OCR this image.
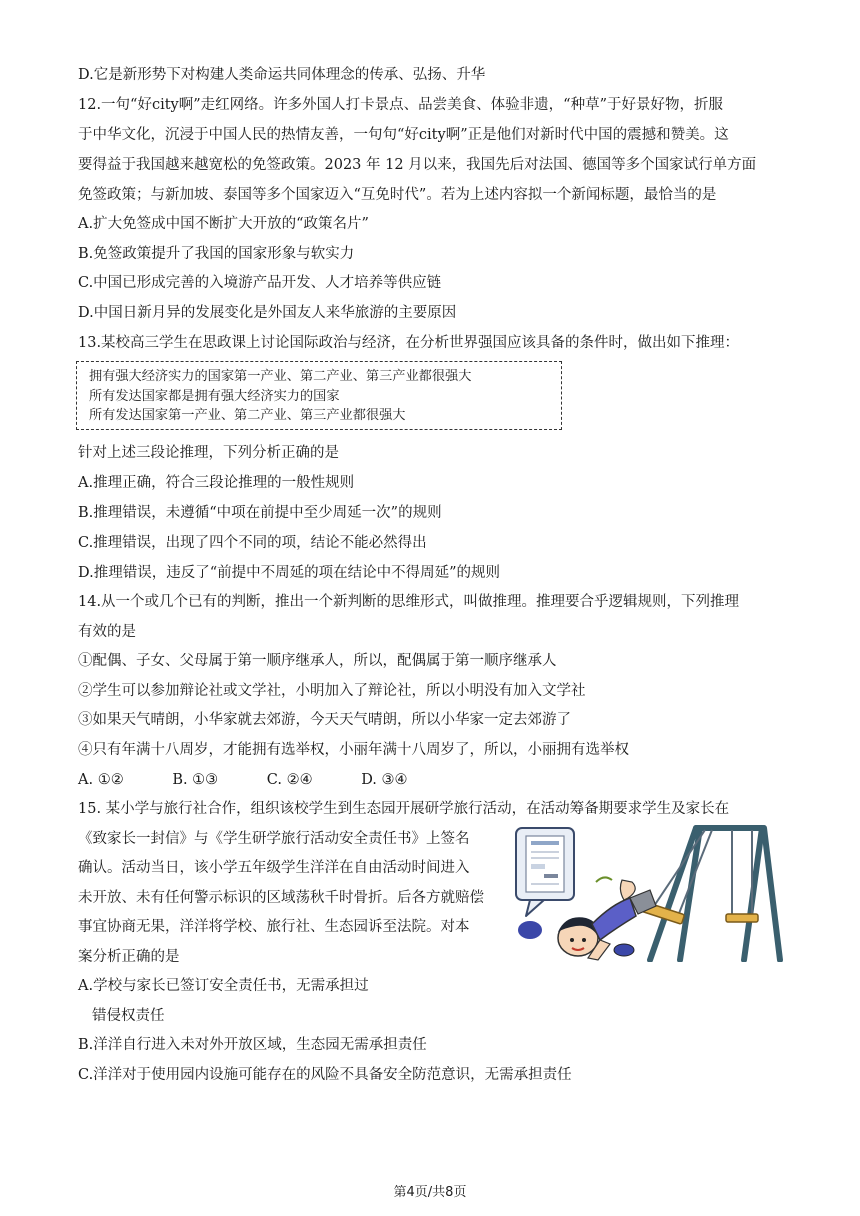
D.它是新形势下对构建人类命运共同体理念的传承、弘扬、升华
12.一句“好city啊”走红网络。许多外国人打卡景点、品尝美食、体验非遗，“种草”于好景好物，折服
于中华文化，沉浸于中国人民的热情友善，一句句“好city啊”正是他们对新时代中国的震撼和赞美。这
要得益于我国越来越宽松的免签政策。2023 年 12 月以来，我国先后对法国、德国等多个国家试行单方面
免签政策；与新加坡、泰国等多个国家迈入“互免时代”。若为上述内容拟一个新闻标题，最恰当的是
A.扩大免签成中国不断扩大开放的“政策名片”
B.免签政策提升了我国的国家形象与软实力
C.中国已形成完善的入境游产品开发、人才培养等供应链
D.中国日新月异的发展变化是外国友人来华旅游的主要原因
13.某校高三学生在思政课上讨论国际政治与经济，在分析世界强国应该具备的条件时，做出如下推理：
拥有强大经济实力的国家第一产业、第二产业、第三产业都很强大
所有发达国家都是拥有强大经济实力的国家
所有发达国家第一产业、第二产业、第三产业都很强大
针对上述三段论推理，下列分析正确的是
A.推理正确，符合三段论推理的一般性规则
B.推理错误，未遵循“中项在前提中至少周延一次”的规则
C.推理错误，出现了四个不同的项，结论不能必然得出
D.推理错误，违反了“前提中不周延的项在结论中不得周延”的规则
14.从一个或几个已有的判断，推出一个新判断的思维形式，叫做推理。推理要合乎逻辑规则，下列推理
有效的是
①配偶、子女、父母属于第一顺序继承人，所以，配偶属于第一顺序继承人
②学生可以参加辩论社或文学社，小明加入了辩论社，所以小明没有加入文学社
③如果天气晴朗，小华家就去郊游，今天天气晴朗，所以小华家一定去郊游了
④只有年满十八周岁，才能拥有选举权，小丽年满十八周岁了，所以，小丽拥有选举权
A. ①②	B. ①③	C. ②④	D. ③④
15. 某小学与旅行社合作，组织该校学生到生态园开展研学旅行活动，在活动筹备期要求学生及家长在
《致家长一封信》与《学生研学旅行活动安全责任书》上签名
确认。活动当日，该小学五年级学生洋洋在自由活动时间进入
未开放、未有任何警示标识的区域荡秋千时骨折。后各方就赔偿
事宜协商无果，洋洋将学校、旅行社、生态园诉至法院。对本
案分析正确的是
A.学校与家长已签订安全责任书，无需承担过
错侵权责任
B.洋洋自行进入未对外开放区域，生态园无需承担责任
C.洋洋对于使用园内设施可能存在的风险不具备安全防范意识，无需承担责任
第4页/共8页
